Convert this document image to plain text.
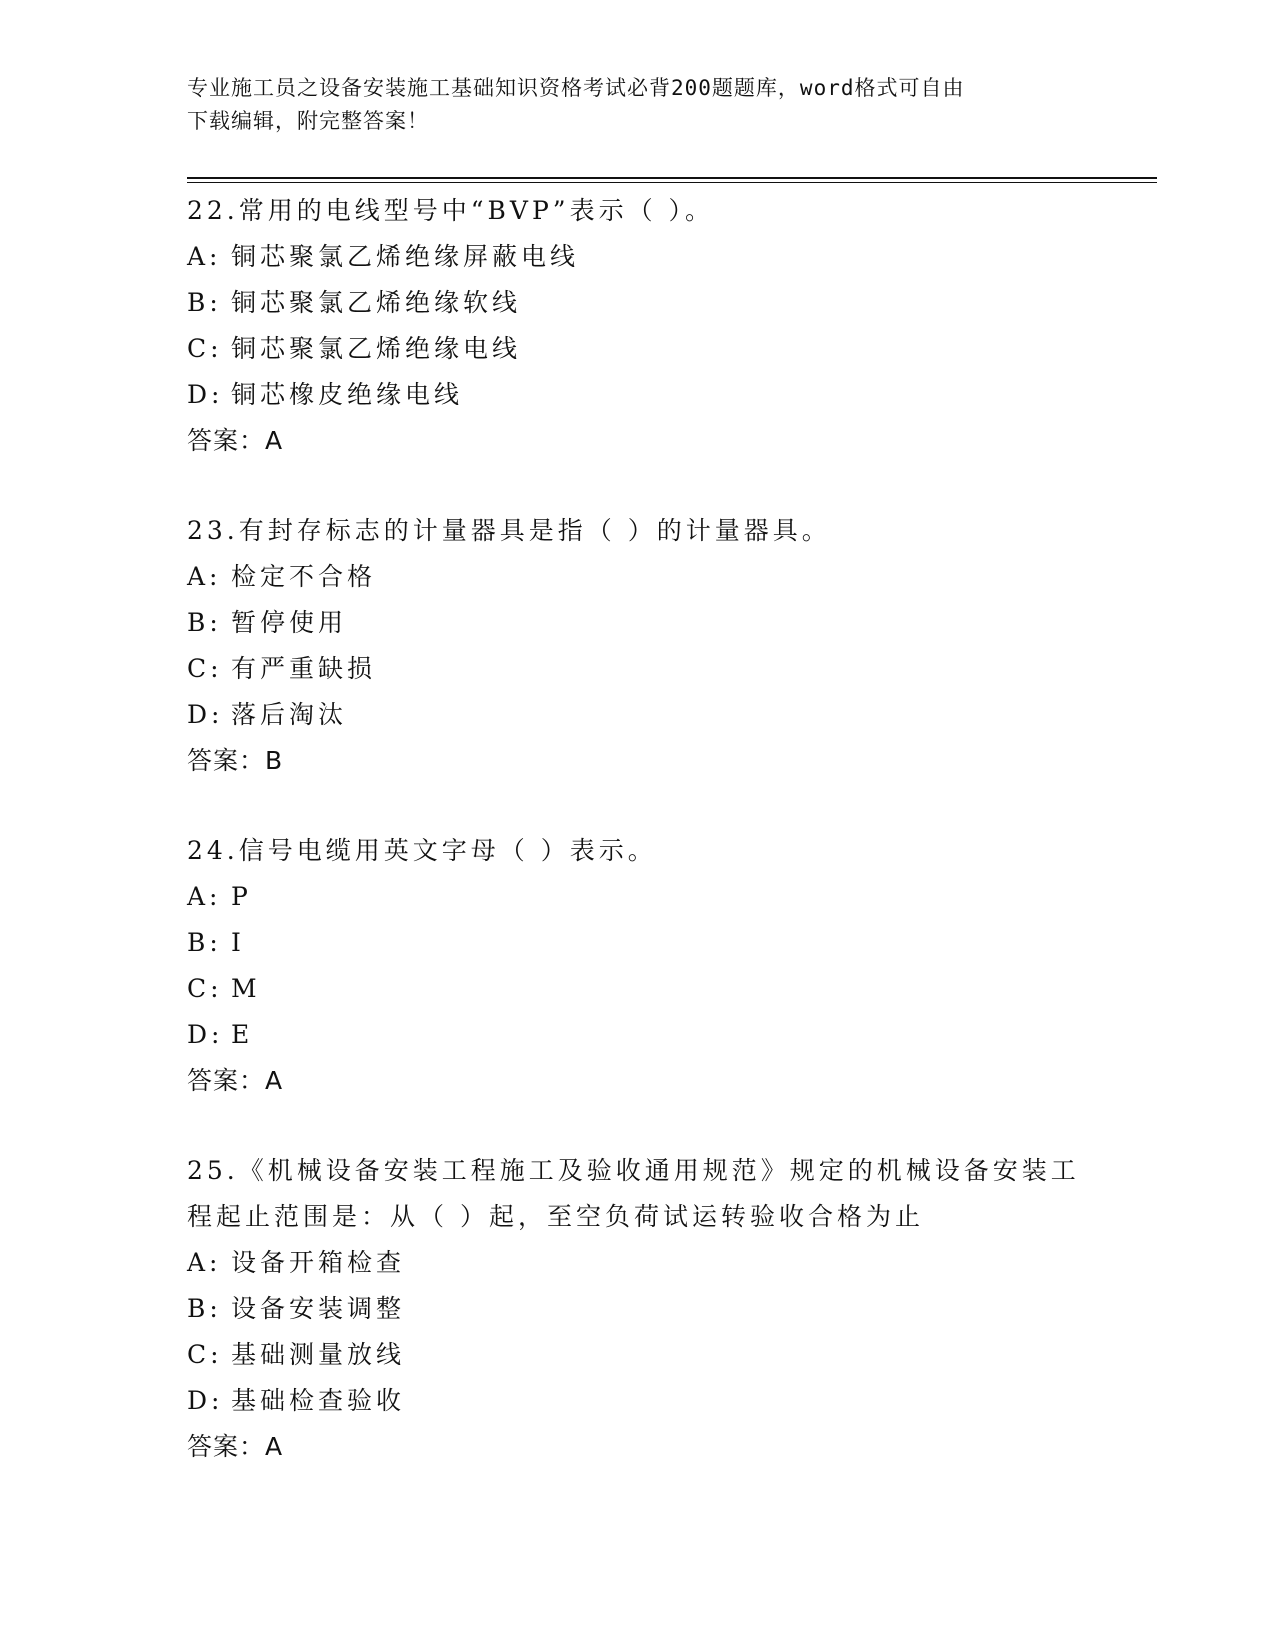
专业施工员之设备安装施工基础知识资格考试必背200题题库，word格式可自由
下载编辑，附完整答案！
22.常用的电线型号中“BVP”表示（ ）。
A: 铜芯聚氯乙烯绝缘屏蔽电线
B: 铜芯聚氯乙烯绝缘软线
C: 铜芯聚氯乙烯绝缘电线
D: 铜芯橡皮绝缘电线
答案：A
23.有封存标志的计量器具是指（ ）的计量器具。
A: 检定不合格
B: 暂停使用
C: 有严重缺损
D: 落后淘汰
答案：B
24.信号电缆用英文字母（ ）表示。
A: P
B: I
C: M
D: E
答案：A
25.《机械设备安装工程施工及验收通用规范》规定的机械设备安装工
程起止范围是：从（ ）起，至空负荷试运转验收合格为止
A: 设备开箱检查
B: 设备安装调整
C: 基础测量放线
D: 基础检查验收
答案：A
